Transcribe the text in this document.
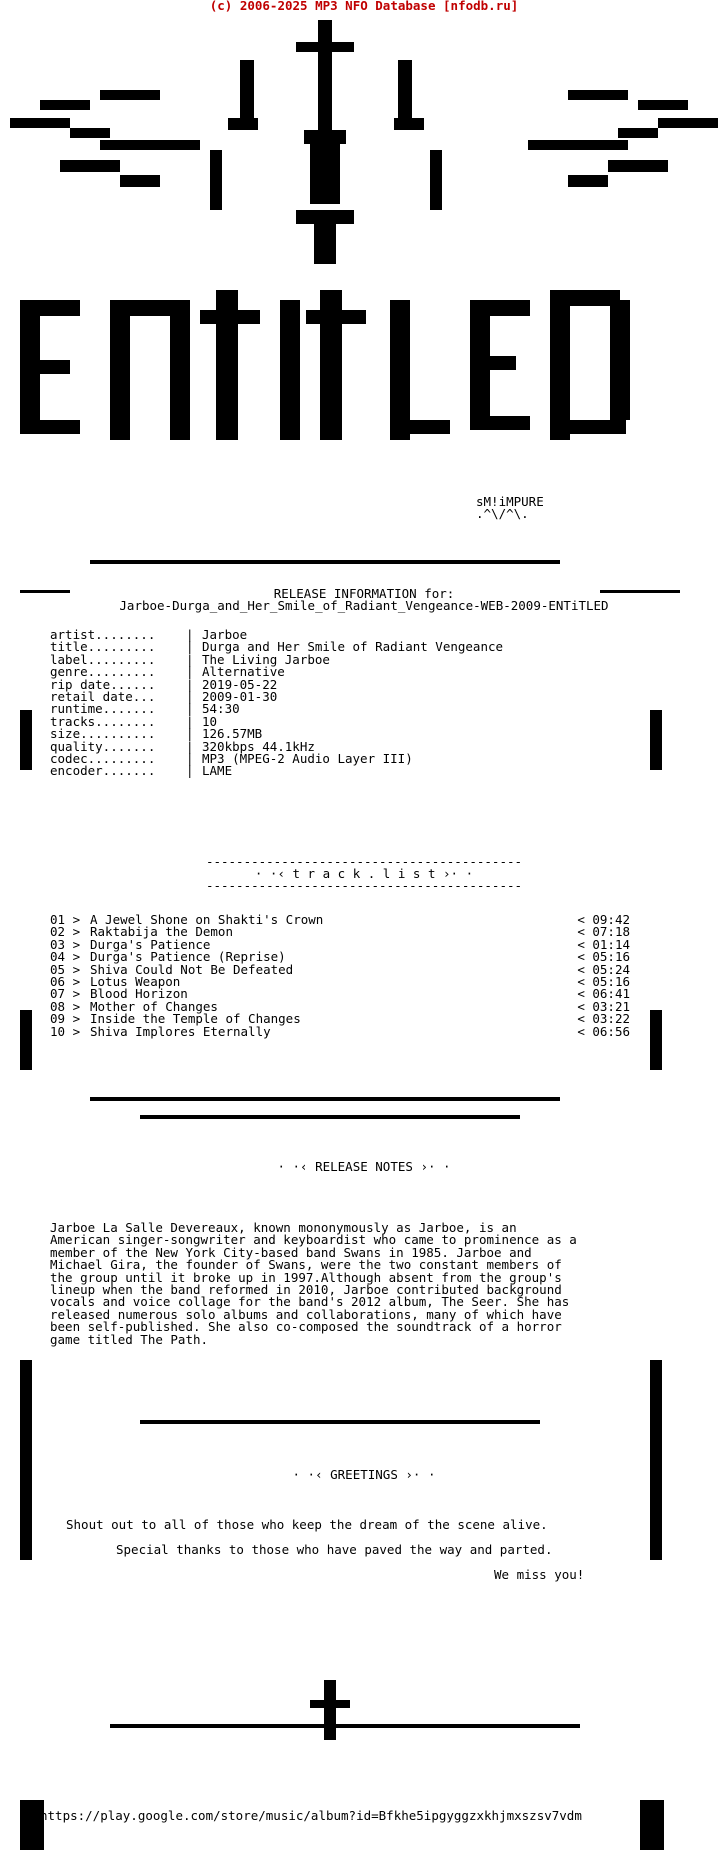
(c) 2006-2025 MP3 NFO Database [nfodb.ru]
sM!iMPURE
.^\/^\.
RELEASE INFORMATION for:
Jarboe-Durga_and_Her_Smile_of_Radiant_Vengeance-WEB-2009-ENTiTLED
artist........	| Jarboe
title.........	| Durga and Her Smile of Radiant Vengeance
label.........	| The Living Jarboe
genre.........	| Alternative
rip date......	| 2019-05-22
retail date...	| 2009-01-30
runtime.......	| 54:30
tracks........	| 10
size..........	| 126.57MB
quality.......	| 320kbps 44.1kHz
codec.........	| MP3 (MPEG-2 Audio Layer III)
encoder.......	| LAME
------------------------------------------
· ·‹ t r a c k . l i s t ›· ·
------------------------------------------
01 > A Jewel Shone on Shakti's Crown	< 09:42
02 > Raktabija the Demon	< 07:18
03 > Durga's Patience	< 01:14
04 > Durga's Patience (Reprise)	< 05:16
05 > Shiva Could Not Be Defeated	< 05:24
06 > Lotus Weapon	< 05:16
07 > Blood Horizon	< 06:41
08 > Mother of Changes	< 03:21
09 > Inside the Temple of Changes	< 03:22
10 > Shiva Implores Eternally	< 06:56
· ·‹ RELEASE NOTES ›· ·
Jarboe La Salle Devereaux, known mononymously as Jarboe, is an
American singer-songwriter and keyboardist who came to prominence as a
member of the New York City-based band Swans in 1985. Jarboe and
Michael Gira, the founder of Swans, were the two constant members of
the group until it broke up in 1997.Although absent from the group's
lineup when the band reformed in 2010, Jarboe contributed background
vocals and voice collage for the band's 2012 album, The Seer. She has
released numerous solo albums and collaborations, many of which have
been self-published. She also co-composed the soundtrack of a horror
game titled The Path.
· ·‹ GREETINGS ›· ·
Shout out to all of those who keep the dream of the scene alive.
Special thanks to those who have paved the way and parted.
We miss you!
https://play.google.com/store/music/album?id=Bfkhe5ipgyggzxkhjmxszsv7vdm
